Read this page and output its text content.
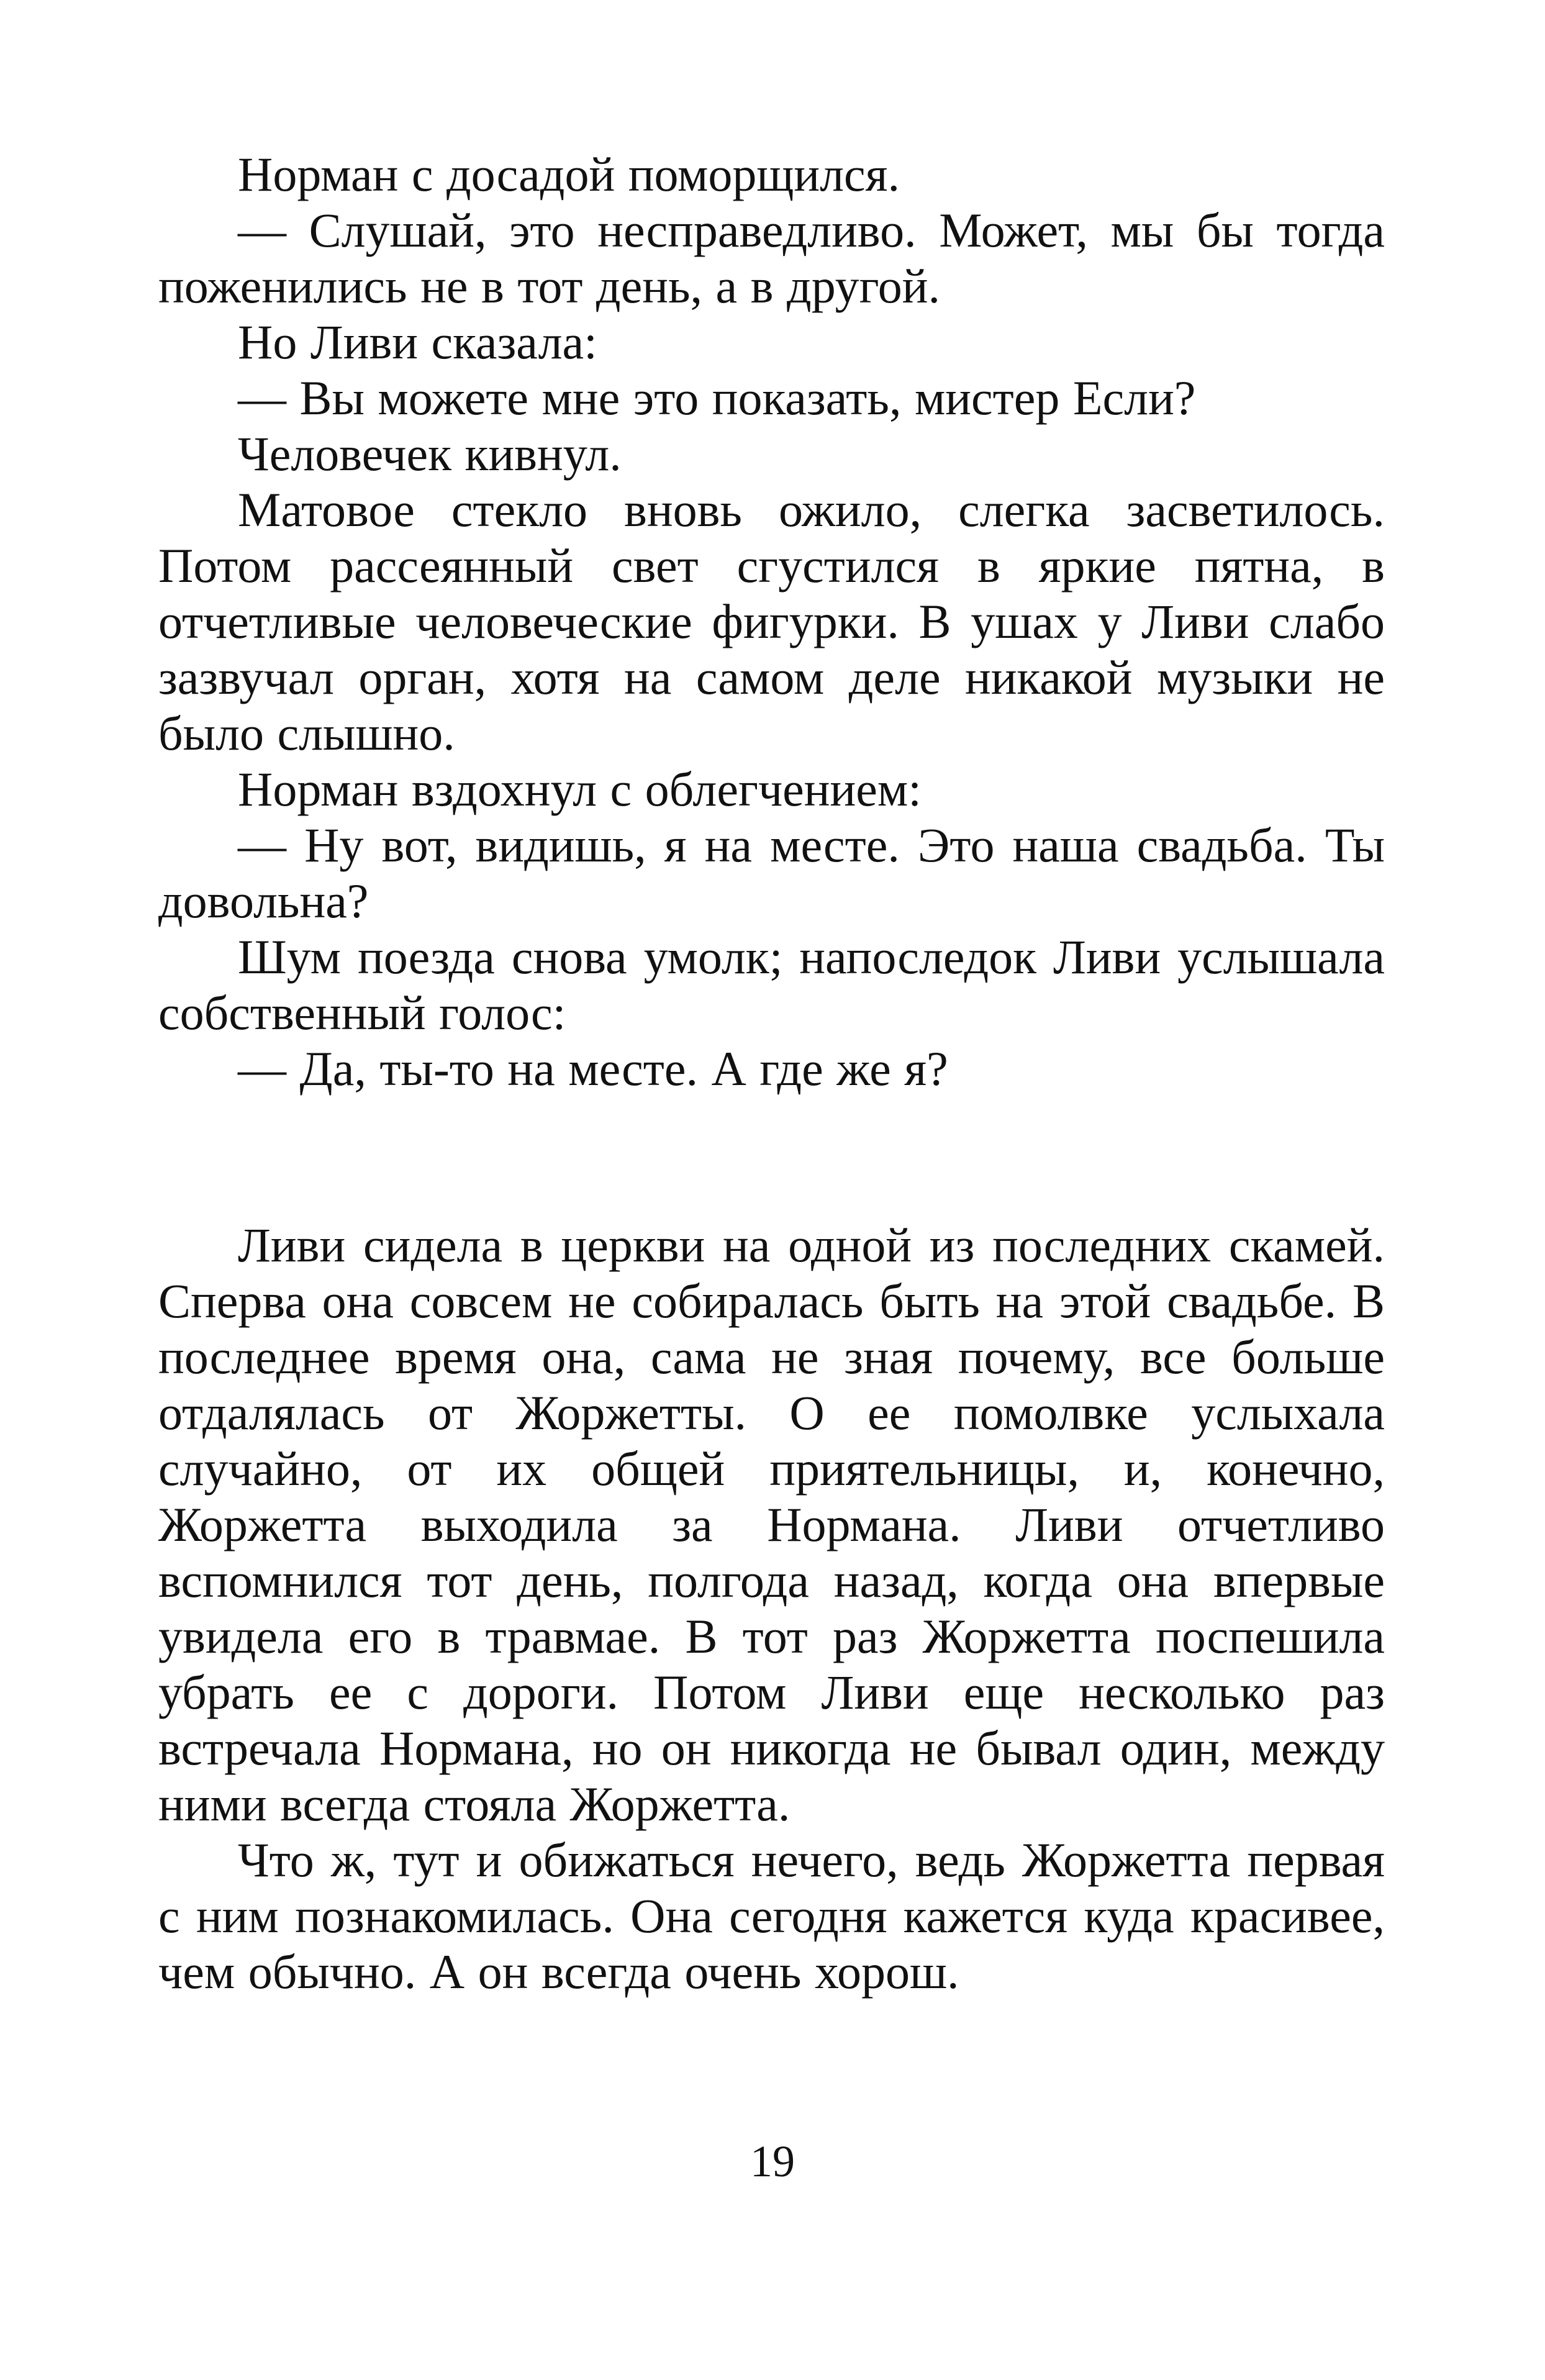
Норман с досадой поморщился.

— Слушай, это несправедливо. Может, мы бы тогда поженились не в тот день, а в другой.

Но Ливи сказала:

— Вы можете мне это показать, мистер Если?

Человечек кивнул.

Матовое стекло вновь ожило, слегка засветилось. Потом рассеянный свет сгустился в яркие пятна, в отчетливые человеческие фигурки. В ушах у Ливи слабо зазвучал орган, хотя на самом деле никакой музыки не было слышно.

Норман вздохнул с облегчением:

— Ну вот, видишь, я на месте. Это наша свадьба. Ты довольна?

Шум поезда снова умолк; напоследок Ливи услышала собственный голос:

— Да, ты-то на месте. А где же я?

Ливи сидела в церкви на одной из последних скамей. Сперва она совсем не собиралась быть на этой свадьбе. В последнее время она, сама не зная почему, все больше отдалялась от Жоржетты. О ее помолвке услыхала случайно, от их общей приятельницы, и, конечно, Жоржетта выходила за Нормана. Ливи отчетливо вспомнился тот день, полгода назад, когда она впервые увидела его в травмае. В тот раз Жоржетта поспешила убрать ее с дороги. Потом Ливи еще несколько раз встречала Нормана, но он никогда не бывал один, между ними всегда стояла Жоржетта.

Что ж, тут и обижаться нечего, ведь Жоржетта первая с ним познакомилась. Она сегодня кажется куда красивее, чем обычно. А он всегда очень хорош.

19
